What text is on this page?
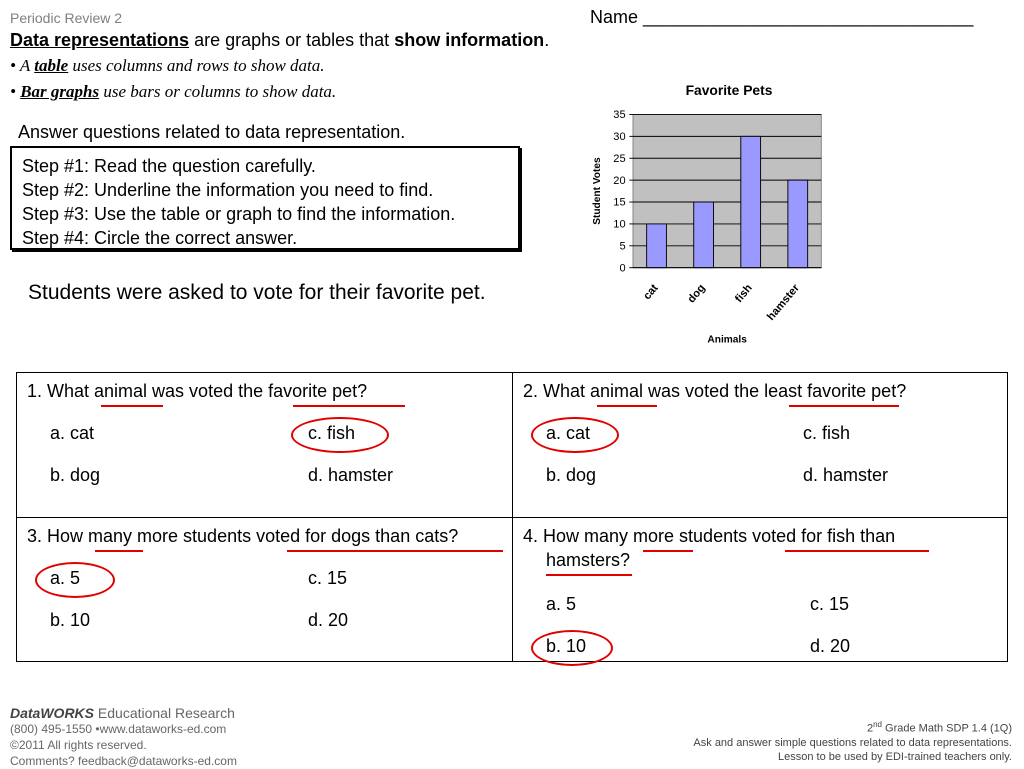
Periodic Review 2	Name _________________________________
Data representations are graphs or tables that show information.
• A table uses columns and rows to show data.
• Bar graphs use bars or columns to show data.
Answer questions related to data representation.
Step #1: Read the question carefully.
Step #2: Underline the information you need to find.
Step #3: Use the table or graph to find the information.
Step #4: Circle the correct answer.
Students were asked to vote for their favorite pet.
Favorite Pets
0
5
10
15
20
25
30
35
cat dog fish hamster
Animals
Student Votes
1. What animal was voted the favorite pet?
a. cat	c. fish
b. dog	d. hamster
2. What animal was voted the least favorite pet?
a. cat	c. fish
b. dog	d. hamster
3. How many more students voted for dogs than cats?
a. 5	c. 15
b. 10	d. 20
4. How many more students voted for fish than
hamsters?
a. 5	c. 15
b. 10	d. 20
DataWORKS Educational Research
(800) 495-1550 •www.dataworks-ed.com
©2011 All rights reserved.
Comments? feedback@dataworks-ed.com
2nd Grade Math SDP 1.4 (1Q)
Ask and answer simple questions related to data representations.
Lesson to be used by EDI-trained teachers only.
